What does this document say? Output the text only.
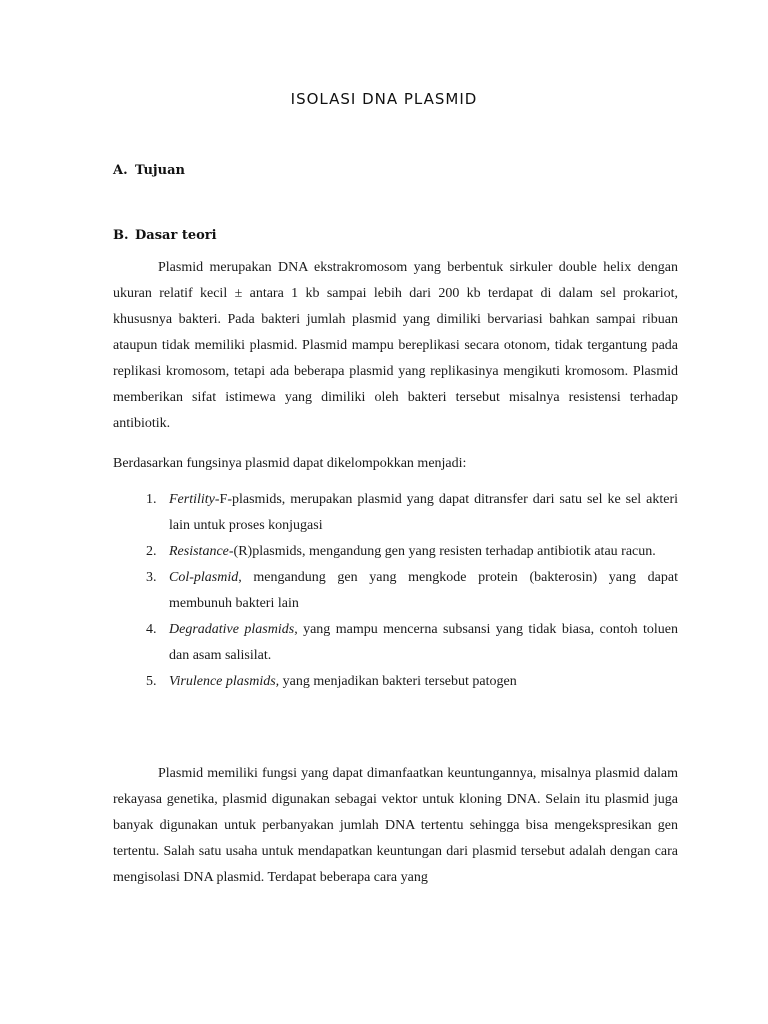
ISOLASI DNA PLASMID
A. Tujuan
B. Dasar teori

Plasmid merupakan DNA ekstrakromosom yang berbentuk sirkuler double helix dengan ukuran relatif kecil ± antara 1 kb sampai lebih dari 200 kb terdapat di dalam sel prokariot, khususnya bakteri. Pada bakteri jumlah plasmid yang dimiliki bervariasi bahkan sampai ribuan ataupun tidak memiliki plasmid. Plasmid mampu bereplikasi secara otonom, tidak tergantung pada replikasi kromosom, tetapi ada beberapa plasmid yang replikasinya mengikuti kromosom. Plasmid memberikan sifat istimewa yang dimiliki oleh bakteri tersebut misalnya resistensi terhadap antibiotik.

Berdasarkan fungsinya plasmid dapat dikelompokkan menjadi:

1. Fertility-F-plasmids, merupakan plasmid yang dapat ditransfer dari satu sel ke sel akteri lain untuk proses konjugasi
2. Resistance-(R)plasmids, mengandung gen yang resisten terhadap antibiotik atau racun.
3. Col-plasmid, mengandung gen yang mengkode protein (bakterosin) yang dapat membunuh bakteri lain
4. Degradative plasmids, yang mampu mencerna subsansi yang tidak biasa, contoh toluen dan asam salisilat.
5. Virulence plasmids, yang menjadikan bakteri tersebut patogen

Plasmid memiliki fungsi yang dapat dimanfaatkan keuntungannya, misalnya plasmid dalam rekayasa genetika, plasmid digunakan sebagai vektor untuk kloning DNA. Selain itu plasmid juga banyak digunakan untuk perbanyakan jumlah DNA tertentu sehingga bisa mengekspresikan gen tertentu. Salah satu usaha untuk mendapatkan keuntungan dari plasmid tersebut adalah dengan cara mengisolasi DNA plasmid. Terdapat beberapa cara yang
